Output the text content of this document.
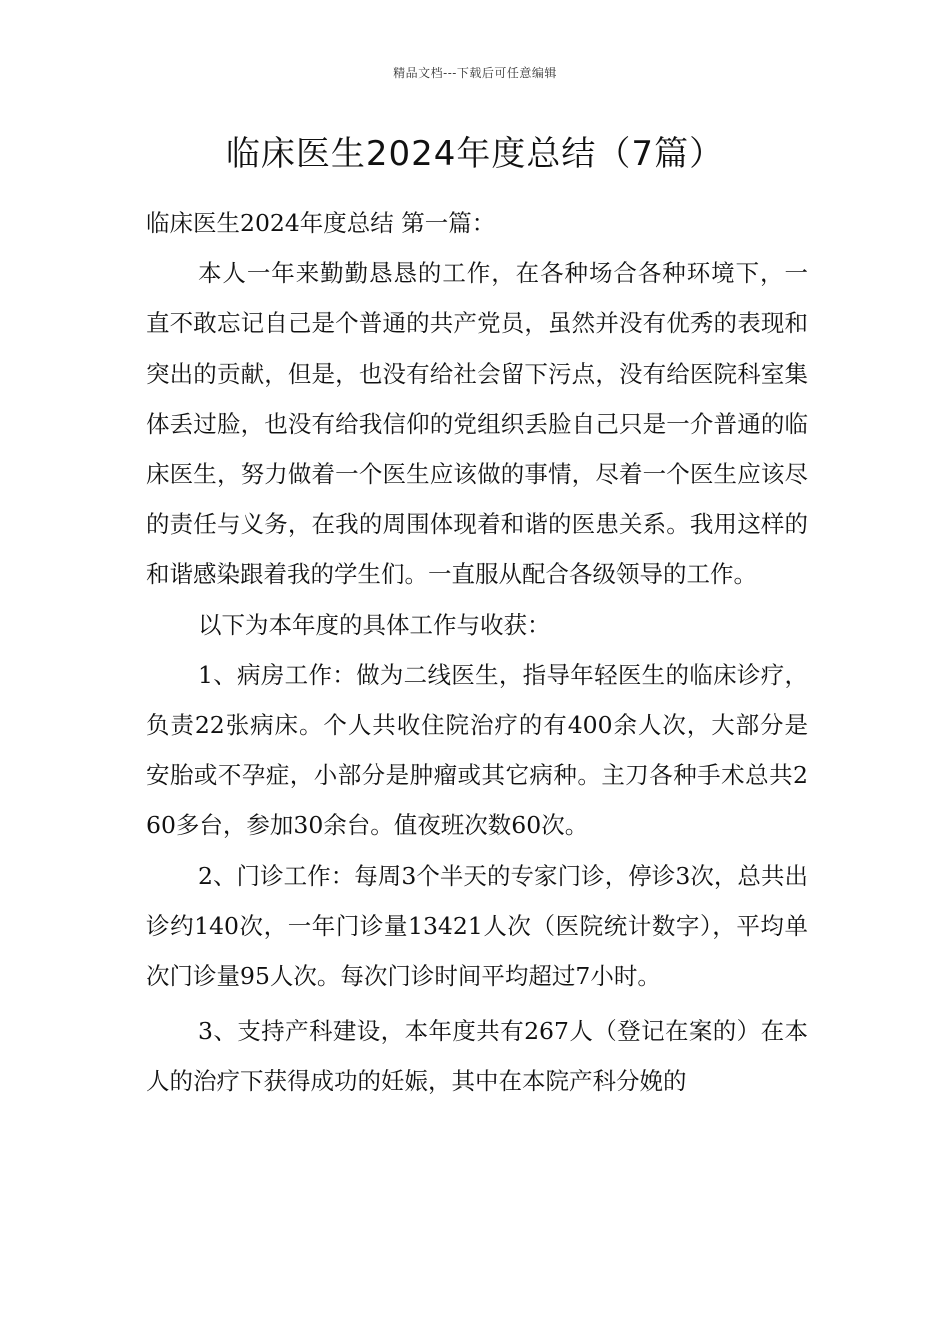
精品文档---下载后可任意编辑
临床医生2024年度总结（7篇）

临床医生2024年度总结 第一篇：

本人一年来勤勤恳恳的工作，在各种场合各种环境下，一直不敢忘记自己是个普通的共产党员，虽然并没有优秀的表现和突出的贡献，但是，也没有给社会留下污点，没有给医院科室集体丢过脸，也没有给我信仰的党组织丢脸自己只是一介普通的临床医生，努力做着一个医生应该做的事情，尽着一个医生应该尽的责任与义务，在我的周围体现着和谐的医患关系。我用这样的和谐感染跟着我的学生们。一直服从配合各级领导的工作。

以下为本年度的具体工作与收获：

1、病房工作：做为二线医生，指导年轻医生的临床诊疗，负责22张病床。个人共收住院治疗的有400余人次，大部分是安胎或不孕症，小部分是肿瘤或其它病种。主刀各种手术总共260多台，参加30余台。值夜班次数60次。

2、门诊工作：每周3个半天的专家门诊，停诊3次，总共出诊约140次，一年门诊量13421人次（医院统计数字），平均单次门诊量95人次。每次门诊时间平均超过7小时。

3、支持产科建设，本年度共有267人（登记在案的）在本人的治疗下获得成功的妊娠，其中在本院产科分娩的
